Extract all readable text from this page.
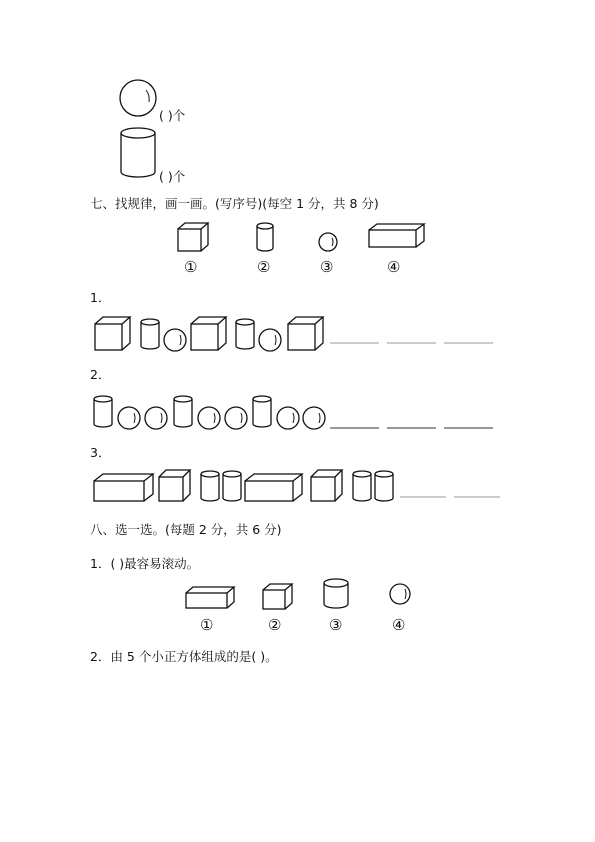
( )个
( )个
七、找规律，画一画。(写序号)(每空 1 分，共 8 分)
①	②	③	④
1．
2．
3．
八、选一选。(每题 2 分，共 6 分)
1．( )最容易滚动。
①	②	③	④
2．由 5 个小正方体组成的是( )。
